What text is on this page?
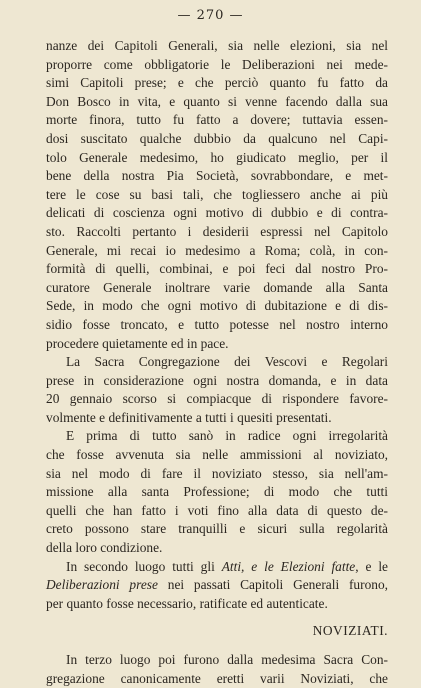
— 270 —
nanze dei Capitoli Generali, sia nelle elezioni, sia nel
proporre come obbligatorie le Deliberazioni nei mede-
simi Capitoli prese; e che perciò quanto fu fatto da
Don Bosco in vita, e quanto si venne facendo dalla sua
morte finora, tutto fu fatto a dovere; tuttavia essen-
dosi suscitato qualche dubbio da qualcuno nel Capi-
tolo Generale medesimo, ho giudicato meglio, per il
bene della nostra Pia Società, sovrabbondare, e met-
tere le cose su basi tali, che togliessero anche ai più
delicati di coscienza ogni motivo di dubbio e di contra-
sto. Raccolti pertanto i desiderii espressi nel Capitolo
Generale, mi recai io medesimo a Roma; colà, in con-
formità di quelli, combinai, e poi feci dal nostro Pro-
curatore Generale inoltrare varie domande alla Santa
Sede, in modo che ogni motivo di dubitazione e di dis-
sidio fosse troncato, e tutto potesse nel nostro interno
procedere quietamente ed in pace.
La Sacra Congregazione dei Vescovi e Regolari
prese in considerazione ogni nostra domanda, e in data
20 gennaio scorso si compiacque di rispondere favore-
volmente e definitivamente a tutti i quesiti presentati.
E prima di tutto sanò in radice ogni irregolarità
che fosse avvenuta sia nelle ammissioni al noviziato,
sia nel modo di fare il noviziato stesso, sia nell'am-
missione alla santa Professione; di modo che tutti
quelli che han fatto i voti fino alla data di questo de-
creto possono stare tranquilli e sicuri sulla regolarità
della loro condizione.
In secondo luogo tutti gli Atti, e le Elezioni fatte, e le
Deliberazioni prese nei passati Capitoli Generali furono,
per quanto fosse necessario, ratificate ed autenticate.
NOVIZIATI.
In terzo luogo poi furono dalla medesima Sacra Con-
gregazione canonicamente eretti varii Noviziati, che
